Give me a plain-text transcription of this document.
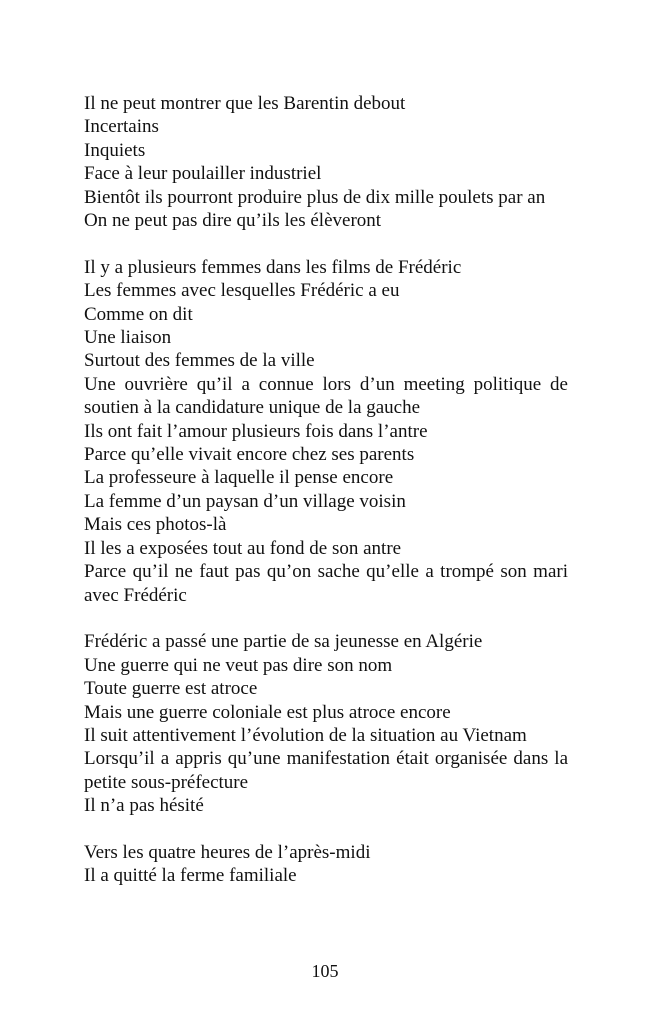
Il ne peut montrer que les Barentin debout
Incertains
Inquiets
Face à leur poulailler industriel
Bientôt ils pourront produire plus de dix mille poulets par an
On ne peut pas dire qu’ils les élèveront
Il y a plusieurs femmes dans les films de Frédéric
Les femmes avec lesquelles Frédéric a eu
Comme on dit
Une liaison
Surtout des femmes de la ville
Une ouvrière qu’il a connue lors d’un meeting politique de soutien à la candidature unique de la gauche
Ils ont fait l’amour plusieurs fois dans l’antre
Parce qu’elle vivait encore chez ses parents
La professeure à laquelle il pense encore
La femme d’un paysan d’un village voisin
Mais ces photos-là
Il les a exposées tout au fond de son antre
Parce qu’il ne faut pas qu’on sache qu’elle a trompé son mari avec Frédéric
Frédéric a passé une partie de sa jeunesse en Algérie
Une guerre qui ne veut pas dire son nom
Toute guerre est atroce
Mais une guerre coloniale est plus atroce encore
Il suit attentivement l’évolution de la situation au Vietnam
Lorsqu’il a appris qu’une manifestation était organisée dans la petite sous-préfecture
Il n’a pas hésité
Vers les quatre heures de l’après-midi
Il a quitté la ferme familiale
105
